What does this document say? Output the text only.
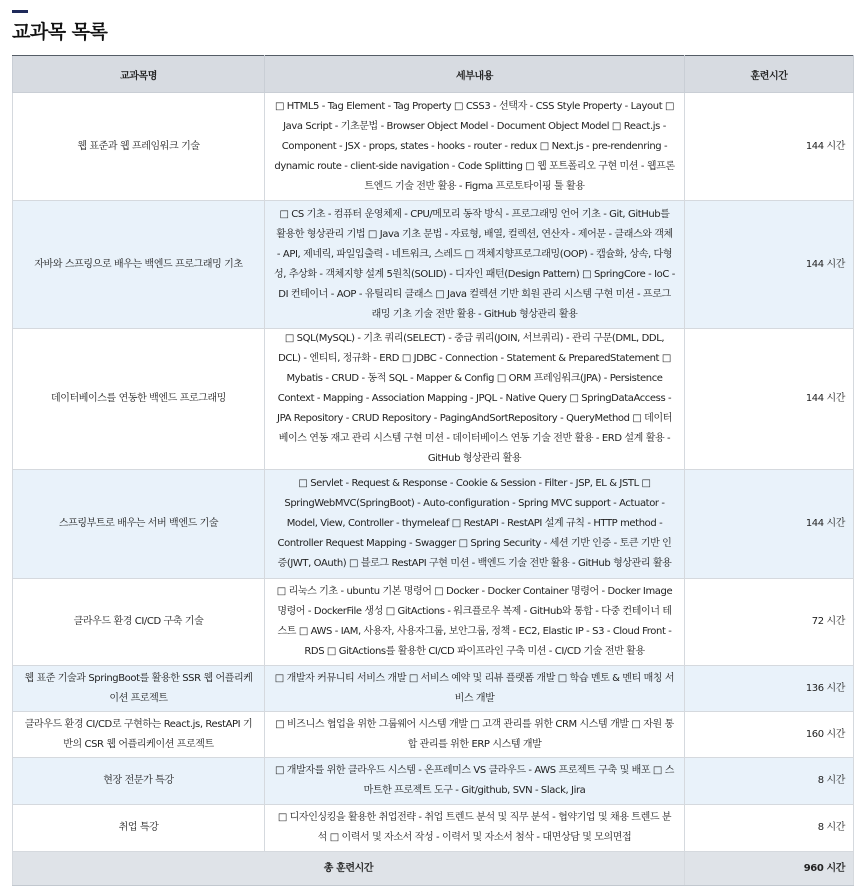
교과목 목록
교과목명	세부내용	훈련시간
웹 표준과 웹 프레임워크 기술	□ HTML5 - Tag Element - Tag Property □ CSS3 - 선택자 - CSS Style Property - Layout □ Java Script - 기초문법 - Browser Object Model - Document Object Model □ React.js - Component - JSX - props, states - hooks - router - redux □ Next.js - pre-rendenring - dynamic route - client-side navigation - Code Splitting □ 웹 포트폴리오 구현 미션 - 웹프론트엔드 기술 전반 활용 - Figma 프로토타이핑 툴 활용	144 시간
자바와 스프링으로 배우는 백엔드 프로그래밍 기초	□ CS 기초 - 컴퓨터 운영체제 - CPU/메모리 동작 방식 - 프로그래밍 언어 기초 - Git, GitHub를 활용한 형상관리 기법 □ Java 기초 문법 - 자료형, 배열, 컬렉션, 연산자 - 제어문 - 클래스와 객체 - API, 제네릭, 파일입출력 - 네트워크, 스레드 □ 객체지향프로그래밍(OOP) - 캡슐화, 상속, 다형성, 추상화 - 객체지향 설계 5원칙(SOLID) - 디자인 패턴(Design Pattern) □ SpringCore - IoC - DI 컨테이너 - AOP - 유틸리티 클래스 □ Java 컬렉션 기반 회원 관리 시스템 구현 미션 - 프로그래밍 기초 기술 전반 활용 - GitHub 형상관리 활용	144 시간
데이터베이스를 연동한 백엔드 프로그래밍	□ SQL(MySQL) - 기초 쿼리(SELECT) - 중급 쿼리(JOIN, 서브쿼리) - 관리 구문(DML, DDL, DCL) - 엔티티, 정규화 - ERD □ JDBC - Connection - Statement & PreparedStatement □ Mybatis - CRUD - 동적 SQL - Mapper & Config □ ORM 프레임워크(JPA) - Persistence Context - Mapping - Association Mapping - JPQL - Native Query □ SpringDataAccess - JPA Repository - CRUD Repository - PagingAndSortRepository - QueryMethod □ 데이터베이스 연동 재고 관리 시스템 구현 미션 - 데이터베이스 연동 기술 전반 활용 - ERD 설계 활용 - GitHub 형상관리 활용	144 시간
스프링부트로 배우는 서버 백엔드 기술	□ Servlet - Request & Response - Cookie & Session - Filter - JSP, EL & JSTL □ SpringWebMVC(SpringBoot) - Auto-configuration - Spring MVC support - Actuator - Model, View, Controller - thymeleaf □ RestAPI - RestAPI 설계 규칙 - HTTP method - Controller Request Mapping - Swagger □ Spring Security - 세션 기반 인증 - 토큰 기반 인증(JWT, OAuth) □ 블로그 RestAPI 구현 미션 - 백엔드 기술 전반 활용 - GitHub 형상관리 활용	144 시간
클라우드 환경 CI/CD 구축 기술	□ 리눅스 기초 - ubuntu 기본 명령어 □ Docker - Docker Container 명령어 - Docker Image 명령어 - DockerFile 생성 □ GitActions - 워크플로우 복제 - GitHub와 통합 - 다중 컨테이너 테스트 □ AWS - IAM, 사용자, 사용자그룹, 보안그룹, 정책 - EC2, Elastic IP - S3 - Cloud Front - RDS □ GitActions를 활용한 CI/CD 파이프라인 구축 미션 - CI/CD 기술 전반 활용	72 시간
웹 표준 기술과 SpringBoot를 활용한 SSR 웹 어플리케이션 프로젝트	□ 개발자 커뮤니티 서비스 개발 □ 서비스 예약 및 리뷰 플랫폼 개발 □ 학습 멘토 & 멘티 매칭 서비스 개발	136 시간
클라우드 환경 CI/CD로 구현하는 React.js, RestAPI 기반의 CSR 웹 어플리케이션 프로젝트	□ 비즈니스 협업을 위한 그룹웨어 시스템 개발 □ 고객 관리를 위한 CRM 시스템 개발 □ 자원 통합 관리를 위한 ERP 시스템 개발	160 시간
현장 전문가 특강	□ 개발자를 위한 클라우드 시스템 - 온프레미스 VS 클라우드 - AWS 프로젝트 구축 및 배포 □ 스마트한 프로젝트 도구 - Git/github, SVN - Slack, Jira	8 시간
취업 특강	□ 디자인싱킹을 활용한 취업전략 - 취업 트렌드 분석 및 직무 분석 - 협약기업 및 채용 트렌드 분석 □ 이력서 및 자소서 작성 - 이력서 및 자소서 첨삭 - 대면상담 및 모의면접	8 시간
총 훈련시간		960 시간
